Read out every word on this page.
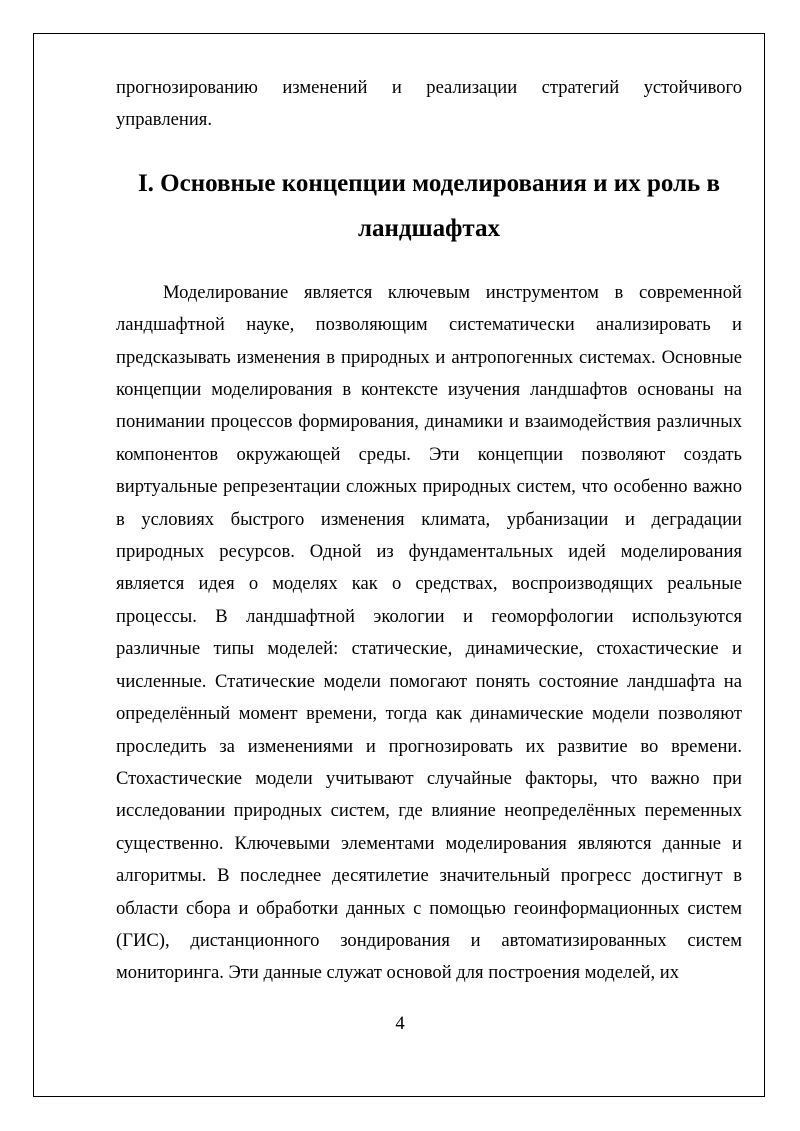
прогнозированию изменений и реализации стратегий устойчивого управления.

I. Основные концепции моделирования и их роль в ландшафтах

Моделирование является ключевым инструментом в современной ландшафтной науке, позволяющим систематически анализировать и предсказывать изменения в природных и антропогенных системах. Основные концепции моделирования в контексте изучения ландшафтов основаны на понимании процессов формирования, динамики и взаимодействия различных компонентов окружающей среды. Эти концепции позволяют создать виртуальные репрезентации сложных природных систем, что особенно важно в условиях быстрого изменения климата, урбанизации и деградации природных ресурсов. Одной из фундаментальных идей моделирования является идея о моделях как о средствах, воспроизводящих реальные процессы. В ландшафтной экологии и геоморфологии используются различные типы моделей: статические, динамические, стохастические и численные. Статические модели помогают понять состояние ландшафта на определённый момент времени, тогда как динамические модели позволяют проследить за изменениями и прогнозировать их развитие во времени. Стохастические модели учитывают случайные факторы, что важно при исследовании природных систем, где влияние неопределённых переменных существенно. Ключевыми элементами моделирования являются данные и алгоритмы. В последнее десятилетие значительный прогресс достигнут в области сбора и обработки данных с помощью геоинформационных систем (ГИС), дистанционного зондирования и автоматизированных систем мониторинга. Эти данные служат основой для построения моделей, их

4
